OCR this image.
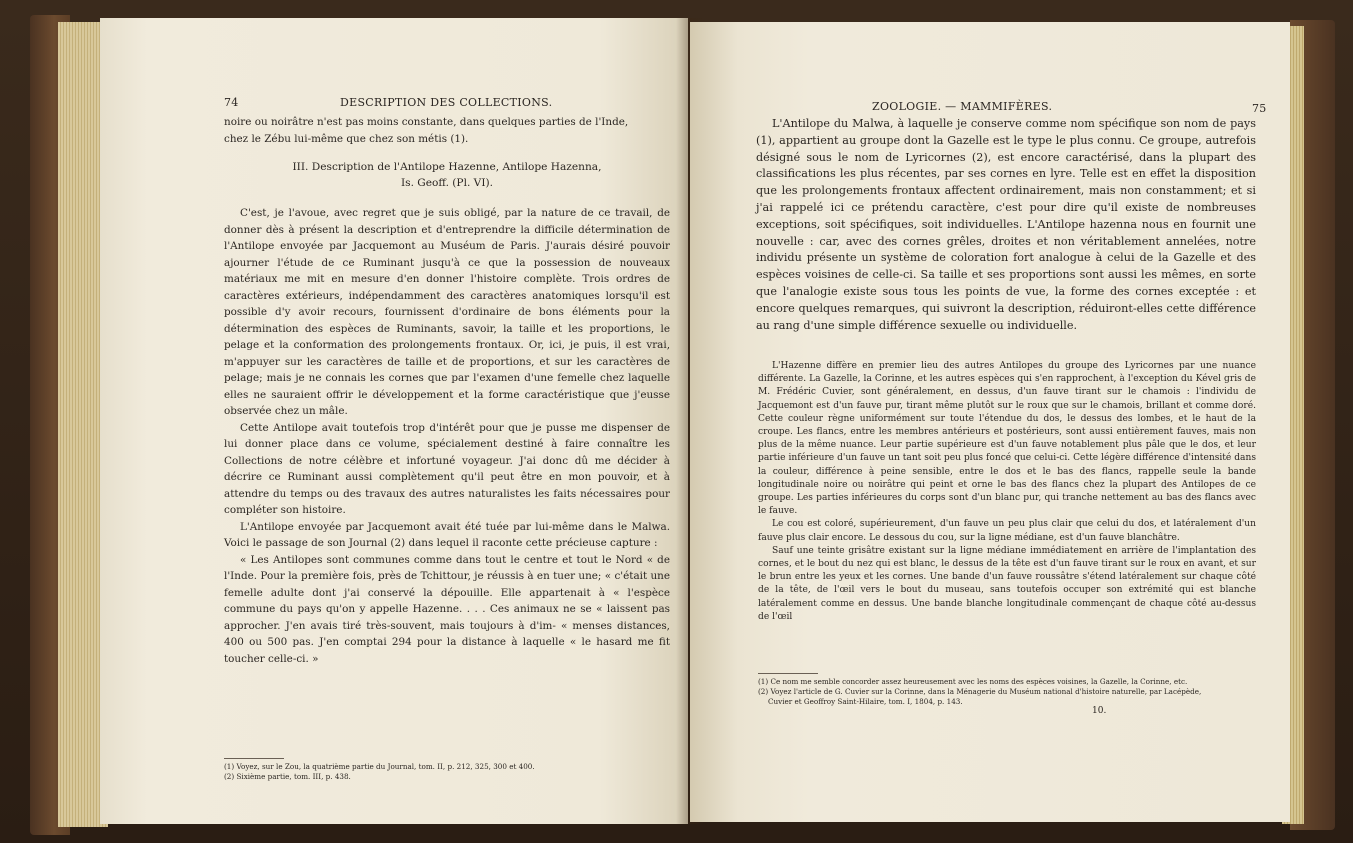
74	DESCRIPTION DES COLLECTIONS.

noire ou noirâtre n'est pas moins constante, dans quelques parties de l'Inde,

chez le Zébu lui-même que chez son métis (1).

III. Description de l'Antilope Hazenne, Antilope Hazenna,
Is. Geoff. (Pl. VI).

C'est, je l'avoue, avec regret que je suis obligé, par la nature de ce travail, de donner dès à présent la description et d'entreprendre la difficile détermination de l'Antilope envoyée par Jacquemont au Muséum de Paris. J'aurais désiré pouvoir ajourner l'étude de ce Ruminant jusqu'à ce que la possession de nouveaux matériaux me mit en mesure d'en donner l'histoire complète. Trois ordres de caractères extérieurs, indépendamment des caractères anatomiques lorsqu'il est possible d'y avoir recours, fournissent d'ordinaire de bons éléments pour la détermination des espèces de Ruminants, savoir, la taille et les proportions, le pelage et la conformation des prolongements frontaux. Or, ici, je puis, il est vrai, m'appuyer sur les caractères de taille et de proportions, et sur les caractères de pelage; mais je ne connais les cornes que par l'examen d'une femelle chez laquelle elles ne sauraient offrir le développement et la forme caractéristique que j'eusse observée chez un mâle.

Cette Antilope avait toutefois trop d'intérêt pour que je pusse me dispenser de lui donner place dans ce volume, spécialement destiné à faire connaître les Collections de notre célèbre et infortuné voyageur. J'ai donc dû me décider à décrire ce Ruminant aussi complètement qu'il peut être en mon pouvoir, et à attendre du temps ou des travaux des autres naturalistes les faits nécessaires pour compléter son histoire.

L'Antilope envoyée par Jacquemont avait été tuée par lui-même dans le Malwa. Voici le passage de son Journal (2) dans lequel il raconte cette précieuse capture :

« Les Antilopes sont communes comme dans tout le centre et tout le Nord « de l'Inde. Pour la première fois, près de Tchittour, je réussis à en tuer une; « c'était une femelle adulte dont j'ai conservé la dépouille. Elle appartenait à « l'espèce commune du pays qu'on y appelle Hazenne. . . . Ces animaux ne se « laissent pas approcher. J'en avais tiré très-souvent, mais toujours à d'im- « menses distances, 400 ou 500 pas. J'en comptai 294 pour la distance à laquelle « le hasard me fit toucher celle-ci. »

(1) Voyez, sur le Zou, la quatrième partie du Journal, tom. II, p. 212, 325, 300 et 400.
(2) Sixième partie, tom. III, p. 438.
ZOOLOGIE. — MAMMIFÈRES.	75

L'Antilope du Malwa, à laquelle je conserve comme nom spécifique son nom de pays (1), appartient au groupe dont la Gazelle est le type le plus connu. Ce groupe, autrefois désigné sous le nom de Lyricornes (2), est encore caractérisé, dans la plupart des classifications les plus récentes, par ses cornes en lyre. Telle est en effet la disposition que les prolongements frontaux affectent ordinairement, mais non constamment; et si j'ai rappelé ici ce prétendu caractère, c'est pour dire qu'il existe de nombreuses exceptions, soit spécifiques, soit individuelles. L'Antilope hazenna nous en fournit une nouvelle : car, avec des cornes grêles, droites et non véritablement annelées, notre individu présente un système de coloration fort analogue à celui de la Gazelle et des espèces voisines de celle-ci. Sa taille et ses proportions sont aussi les mêmes, en sorte que l'analogie existe sous tous les points de vue, la forme des cornes exceptée : et encore quelques remarques, qui suivront la description, réduiront-elles cette différence au rang d'une simple différence sexuelle ou individuelle.

L'Hazenne diffère en premier lieu des autres Antilopes du groupe des Lyricornes par une nuance différente. La Gazelle, la Corinne, et les autres espèces qui s'en rapprochent, à l'exception du Kével gris de M. Frédéric Cuvier, sont généralement, en dessus, d'un fauve tirant sur le chamois : l'individu de Jacquemont est d'un fauve pur, tirant même plutôt sur le roux que sur le chamois, brillant et comme doré. Cette couleur règne uniformément sur toute l'étendue du dos, le dessus des lombes, et le haut de la croupe. Les flancs, entre les membres antérieurs et postérieurs, sont aussi entièrement fauves, mais non plus de la même nuance. Leur partie supérieure est d'un fauve notablement plus pâle que le dos, et leur partie inférieure d'un fauve un tant soit peu plus foncé que celui-ci. Cette légère différence d'intensité dans la couleur, différence à peine sensible, entre le dos et le bas des flancs, rappelle seule la bande longitudinale noire ou noirâtre qui peint et orne le bas des flancs chez la plupart des Antilopes de ce groupe. Les parties inférieures du corps sont d'un blanc pur, qui tranche nettement au bas des flancs avec le fauve.

Le cou est coloré, supérieurement, d'un fauve un peu plus clair que celui du dos, et latéralement d'un fauve plus clair encore. Le dessous du cou, sur la ligne médiane, est d'un fauve blanchâtre.

Sauf une teinte grisâtre existant sur la ligne médiane immédiatement en arrière de l'implantation des cornes, et le bout du nez qui est blanc, le dessus de la tête est d'un fauve tirant sur le roux en avant, et sur le brun entre les yeux et les cornes. Une bande d'un fauve roussâtre s'étend latéralement sur chaque côté de la tête, de l'œil vers le bout du museau, sans toutefois occuper son extrémité qui est blanche latéralement comme en dessus. Une bande blanche longitudinale commençant de chaque côté au-dessus de l'œil

(1) Ce nom me semble concorder assez heureusement avec les noms des espèces voisines, la Gazelle, la Corinne, etc.
(2) Voyez l'article de G. Cuvier sur la Corinne, dans la Ménagerie du Muséum national d'histoire naturelle, par Lacépède,
Cuvier et Geoffroy Saint-Hilaire, tom. I, 1804, p. 143.
10.
